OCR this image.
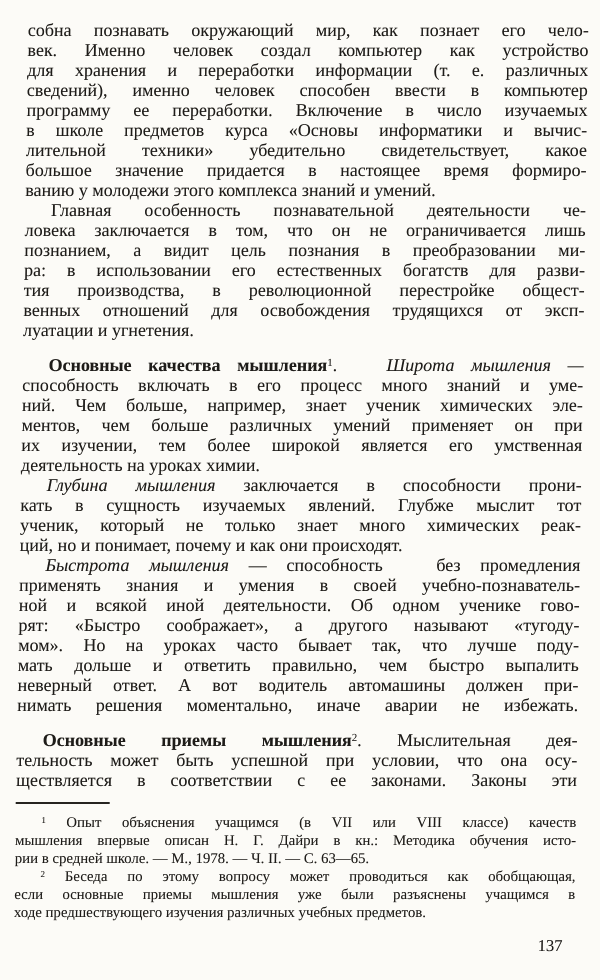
собна познавать окружающий мир, как познает его чело-
век. Именно человек создал компьютер как устройство
для хранения и переработки информации (т. е. различных
сведений), именно человек способен ввести в компьютер
программу ее переработки. Включение в число изучаемых
в школе предметов курса «Основы информатики и вычис-
лительной техники» убедительно свидетельствует, какое
большое значение придается в настоящее время формиро-
ванию у молодежи этого комплекса знаний и умений.
Главная особенность познавательной деятельности че-
ловека заключается в том, что он не ограничивается лишь
познанием, а видит цель познания в преобразовании ми-
ра: в использовании его естественных богатств для разви-
тия производства, в революционной перестройке общест-
венных отношений для освобождения трудящихся от эксп-
луатации и угнетения.
Основные качества мышления$^1$.	Широта мышления —
способность включать в его процесс много знаний и уме-
ний. Чем больше, например, знает ученик химических эле-
ментов, чем больше различных умений применяет он при
их изучении, тем более широкой является его умственная
деятельность на уроках химии.
Глубина мышления заключается в способности прони-
кать в сущность изучаемых явлений. Глубже мыслит тот
ученик, который не только знает много химических реак-
ций, но и понимает, почему и как они происходят.
Быстрота мышления — способность	без промедления
применять знания и умения в своей учебно-познаватель-
ной и всякой иной деятельности. Об одном ученике гово-
рят: «Быстро соображает», а другого называют «тугоду-
мом». Но на уроках часто бывает так, что лучше поду-
мать дольше и ответить правильно, чем быстро выпалить
неверный ответ. А вот водитель автомашины должен при-
нимать решения моментально, иначе аварии не избежать.
Основные приемы мышления$^2$. Мыслительная дея-
тельность может быть успешной при условии, что она осу-
ществляется в соответствии с ее законами. Законы эти
$^1$ Опыт объяснения учащимся (в VII или VIII классе) качеств
мышления впервые описан Н. Г. Дайри в кн.: Методика обучения исто-
рии в средней школе. — М., 1978. — Ч. II. — С. 63—65.
$^2$ Беседа по этому вопросу может проводиться как обобщающая,
если основные приемы мышления уже были разъяснены учащимся в
ходе предшествующего изучения различных учебных предметов.
137
